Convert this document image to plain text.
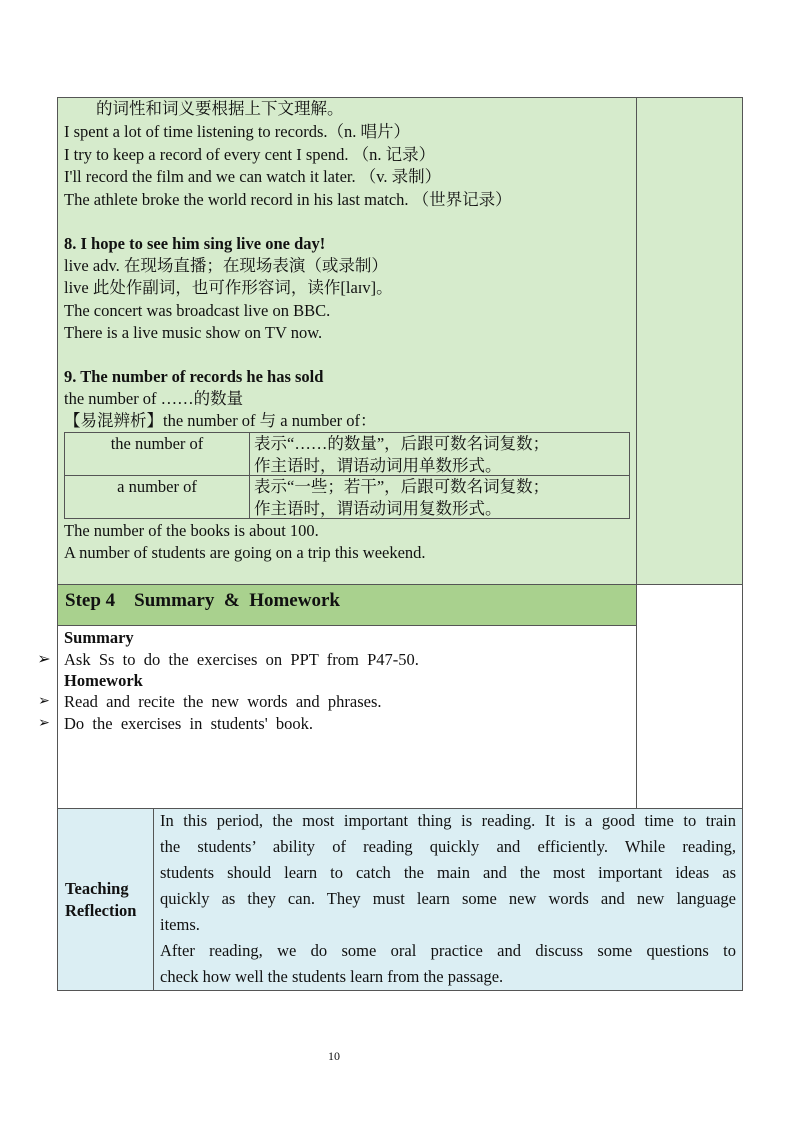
的词性和词义要根据上下文理解。
I spent a lot of time listening to records.（n. 唱片）
I try to keep a record of every cent I spend. （n. 记录）
I'll record the film and we can watch it later. （v. 录制）
The athlete broke the world record in his last match. （世界记录）
8. I hope to see him sing live one day!
live adv. 在现场直播；在现场表演（或录制）
live 此处作副词，也可作形容词，读作[laɪv]。
The concert was broadcast live on BBC.
There is a live music show on TV now.
9. The number of records he has sold
the number of ……的数量
【易混辨析】the number of 与 a number of：
the number of	表示“……的数量”，后跟可数名词复数；
作主语时，谓语动词用单数形式。
a number of	表示“一些；若干”，后跟可数名词复数；
作主语时，谓语动词用复数形式。
The number of the books is about 100.
A number of students are going on a trip this weekend.
Step 4    Summary  &  Homework
Summary
➢ Ask  Ss  to  do  the  exercises  on  PPT  from  P47-50.
Homework
➢ Read  and  recite  the  new  words  and  phrases.
➢ Do  the  exercises  in  students'  book.
Teaching
Reflection
In this period, the most important thing is reading. It is a good time to train
the students’ ability of reading quickly and efficiently. While reading,
students should learn to catch the main and the most important ideas as
quickly as they can. They must learn some new words and new language
items.
After reading, we do some oral practice and discuss some questions to
check how well the students learn from the passage.
10
